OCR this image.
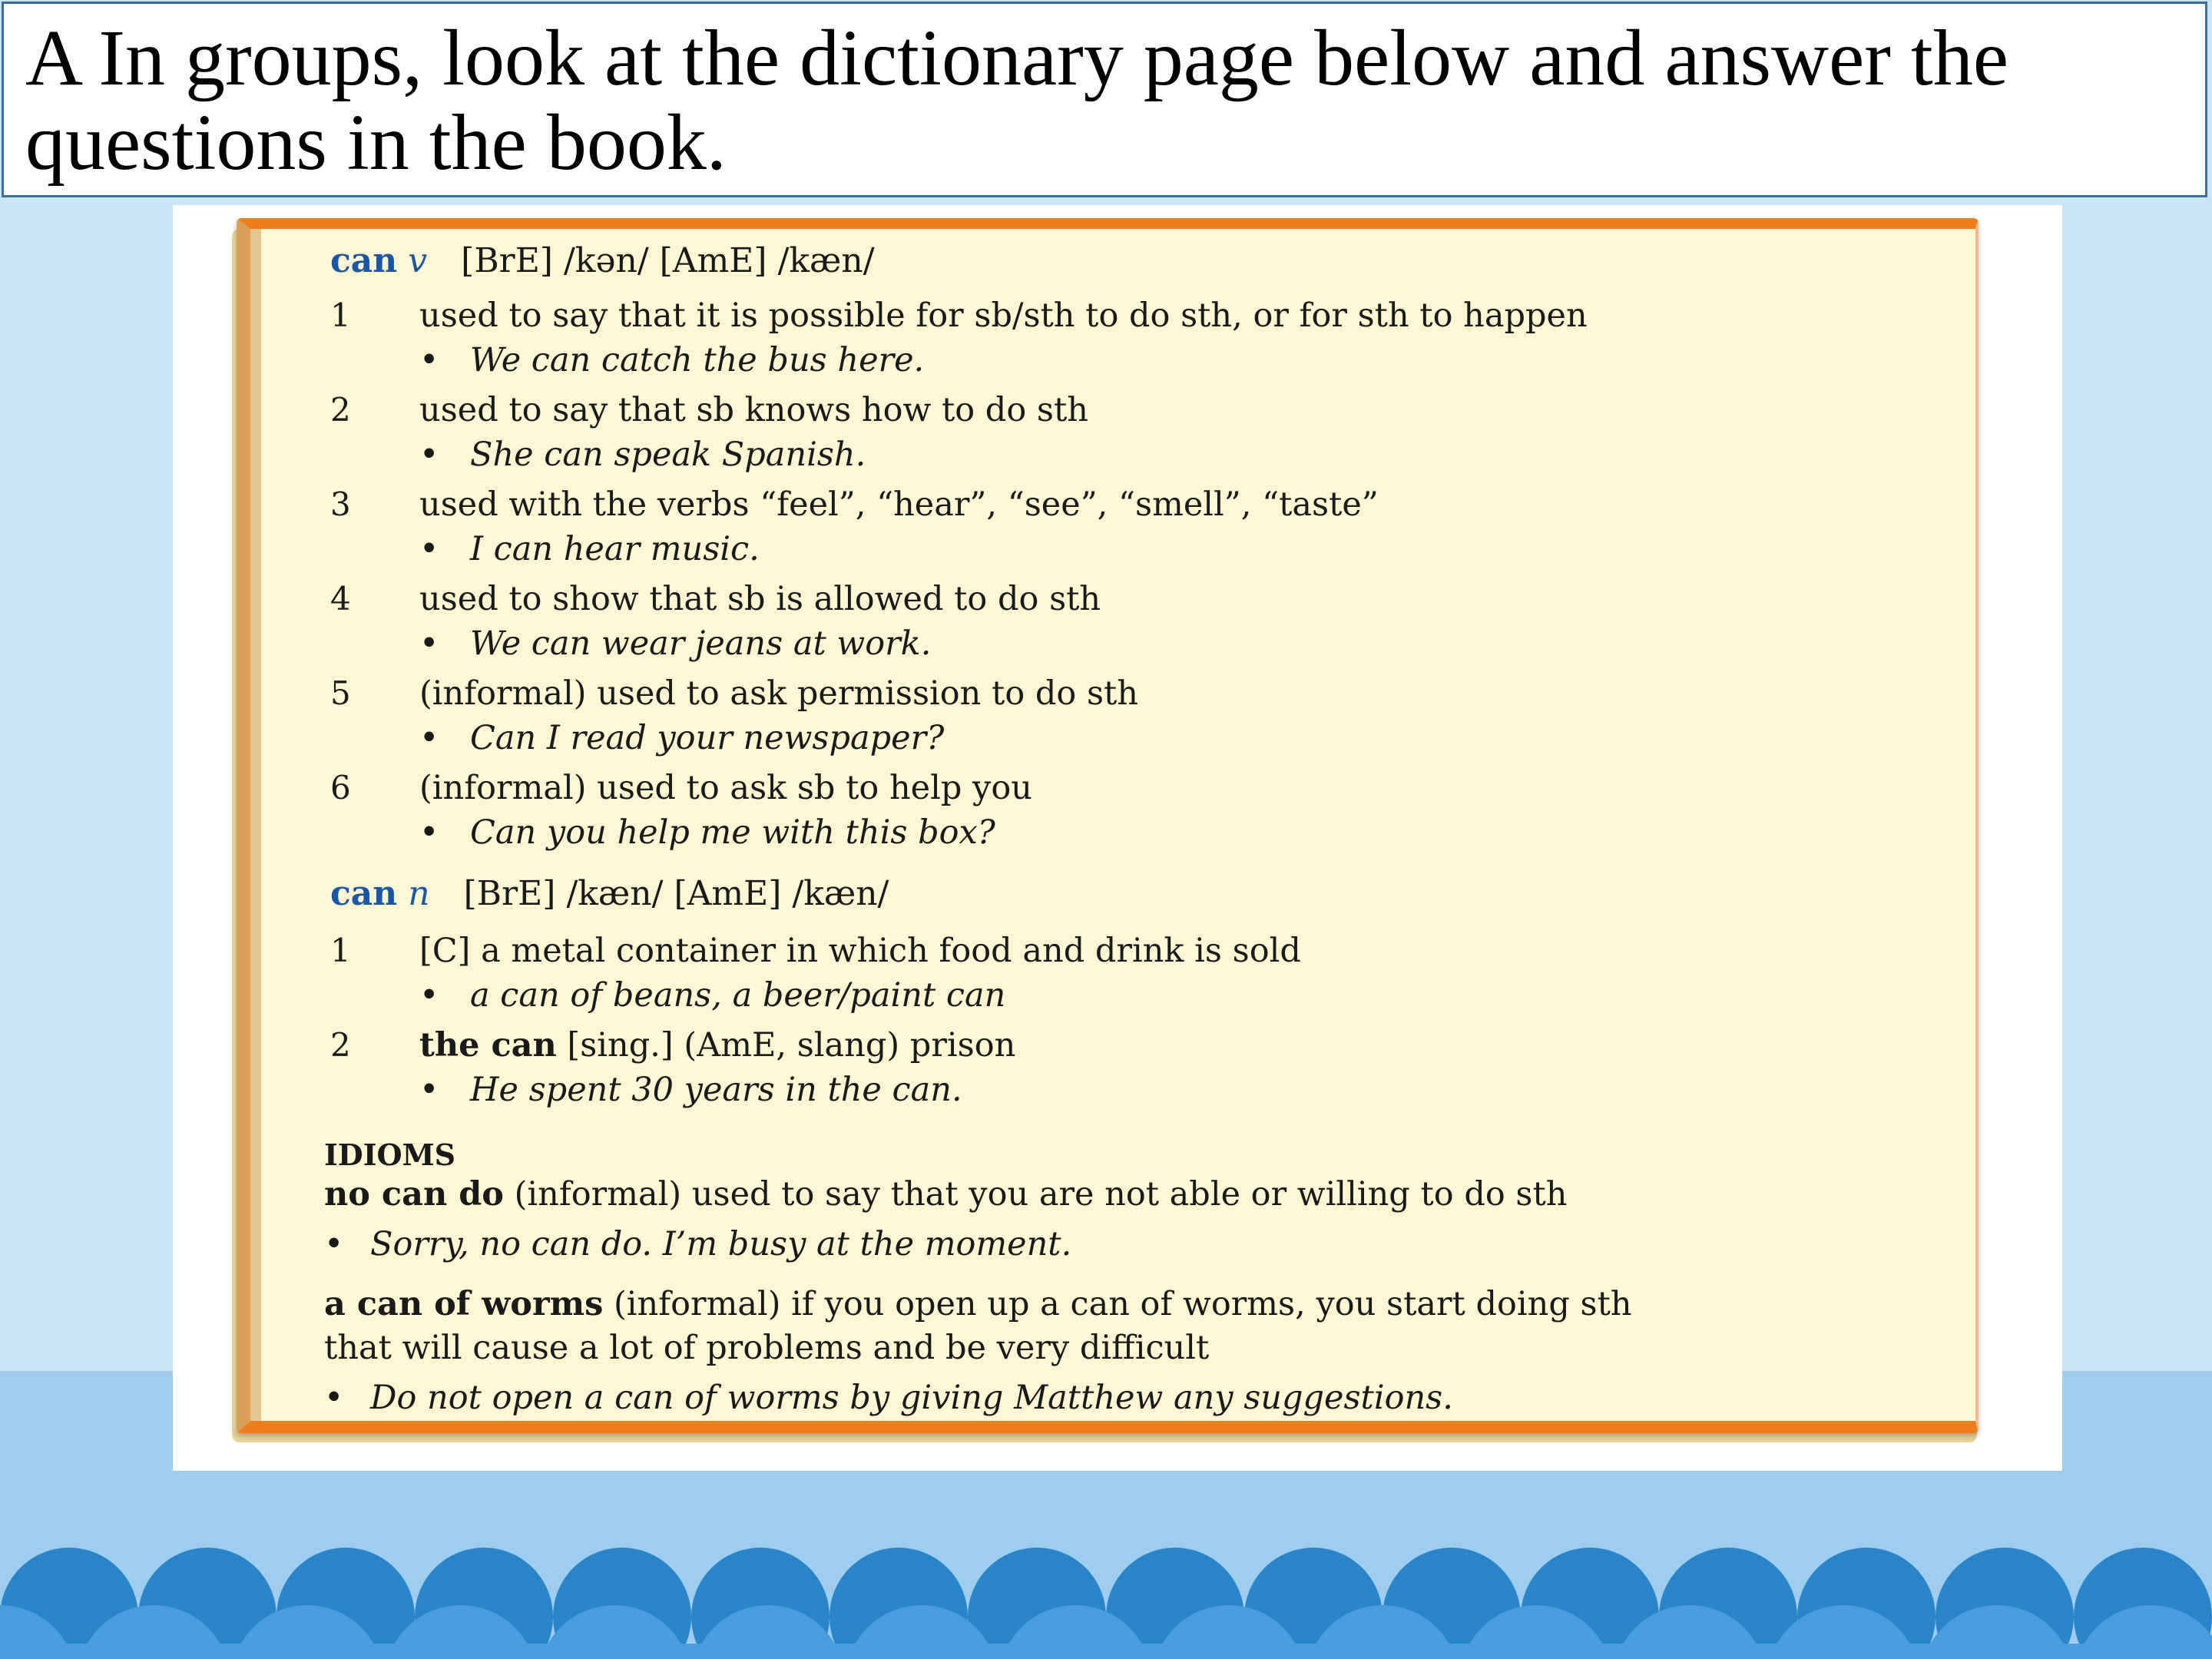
A In groups, look at the dictionary page below and answer the questions in the book.
can v [BrE] /kən/ [AmE] /kæn/
1 used to say that it is possible for sb/sth to do sth, or for sth to happen
• We can catch the bus here.
2 used to say that sb knows how to do sth
• She can speak Spanish.
3 used with the verbs “feel”, “hear”, “see”, “smell”, “taste”
• I can hear music.
4 used to show that sb is allowed to do sth
• We can wear jeans at work.
5 (informal) used to ask permission to do sth
• Can I read your newspaper?
6 (informal) used to ask sb to help you
• Can you help me with this box?
can n [BrE] /kæn/ [AmE] /kæn/
1 [C] a metal container in which food and drink is sold
• a can of beans, a beer/paint can
2 the can [sing.] (AmE, slang) prison
• He spent 30 years in the can.
IDIOMS
no can do (informal) used to say that you are not able or willing to do sth
• Sorry, no can do. I’m busy at the moment.
a can of worms (informal) if you open up a can of worms, you start doing sth
that will cause a lot of problems and be very difficult
• Do not open a can of worms by giving Matthew any suggestions.
